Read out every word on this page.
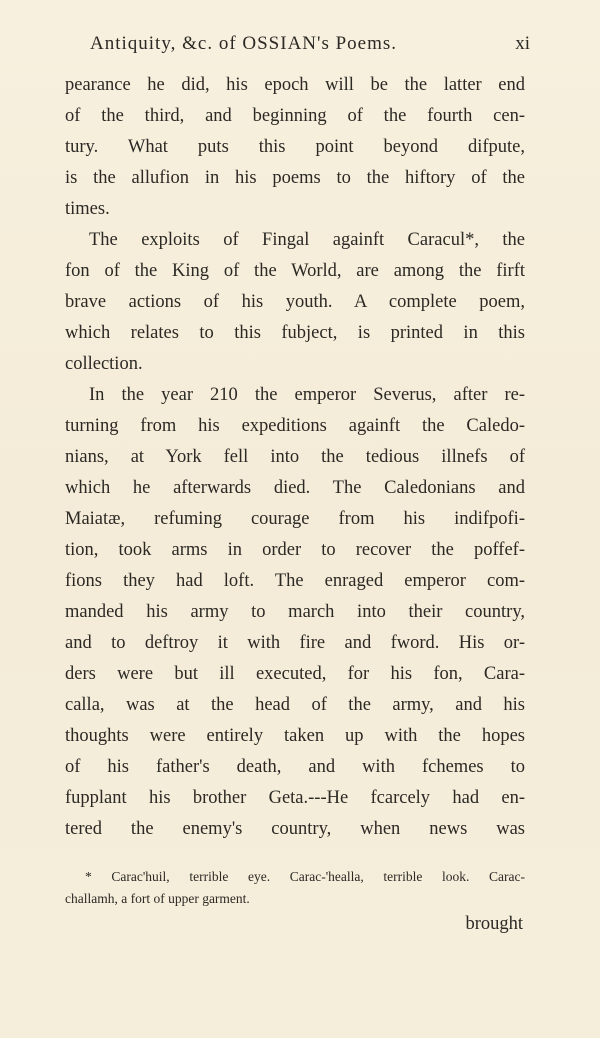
Antiquity, &c. of OSSIAN's Poems.	xi
pearance he did, his epoch will be the latter end
of the third, and beginning of the fourth cen-
tury. What puts this point beyond difpute,
is the allufion in his poems to the hiftory of the
times.
The exploits of Fingal againft Caracul*, the
fon of the King of the World, are among the firft
brave actions of his youth. A complete poem,
which relates to this fubject, is printed in this
collection.
In the year 210 the emperor Severus, after re-
turning from his expeditions againft the Caledo-
nians, at York fell into the tedious illnefs of
which he afterwards died. The Caledonians and
Maiatæ, refuming courage from his indifpofi-
tion, took arms in order to recover the poffef-
fions they had loft. The enraged emperor com-
manded his army to march into their country,
and to deftroy it with fire and fword. His or-
ders were but ill executed, for his fon, Cara-
calla, was at the head of the army, and his
thoughts were entirely taken up with the hopes
of his father's death, and with fchemes to
fupplant his brother Geta.---He fcarcely had en-
tered the enemy's country, when news was
* Carac'huil, terrible eye. Carac-'healla, terrible look. Carac-
challamh, a fort of upper garment.
brought
